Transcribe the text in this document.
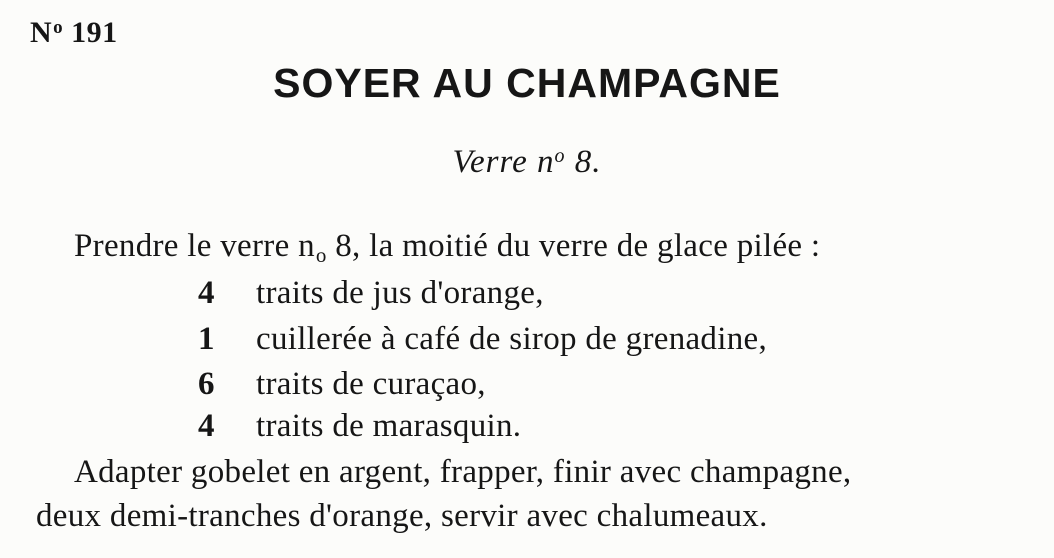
$N^o$ 191
SOYER AU CHAMPAGNE
Verre $n^o$ 8.
Prendre le verre $n_o$ 8, la moitié du verre de glace pilée :
4 traits de jus d'orange,
1 cuillerée à café de sirop de grenadine,
6 traits de curaçao,
4 traits de marasquin.
Adapter gobelet en argent, frapper, finir avec champagne,
deux demi-tranches d'orange, servir avec chalumeaux.
